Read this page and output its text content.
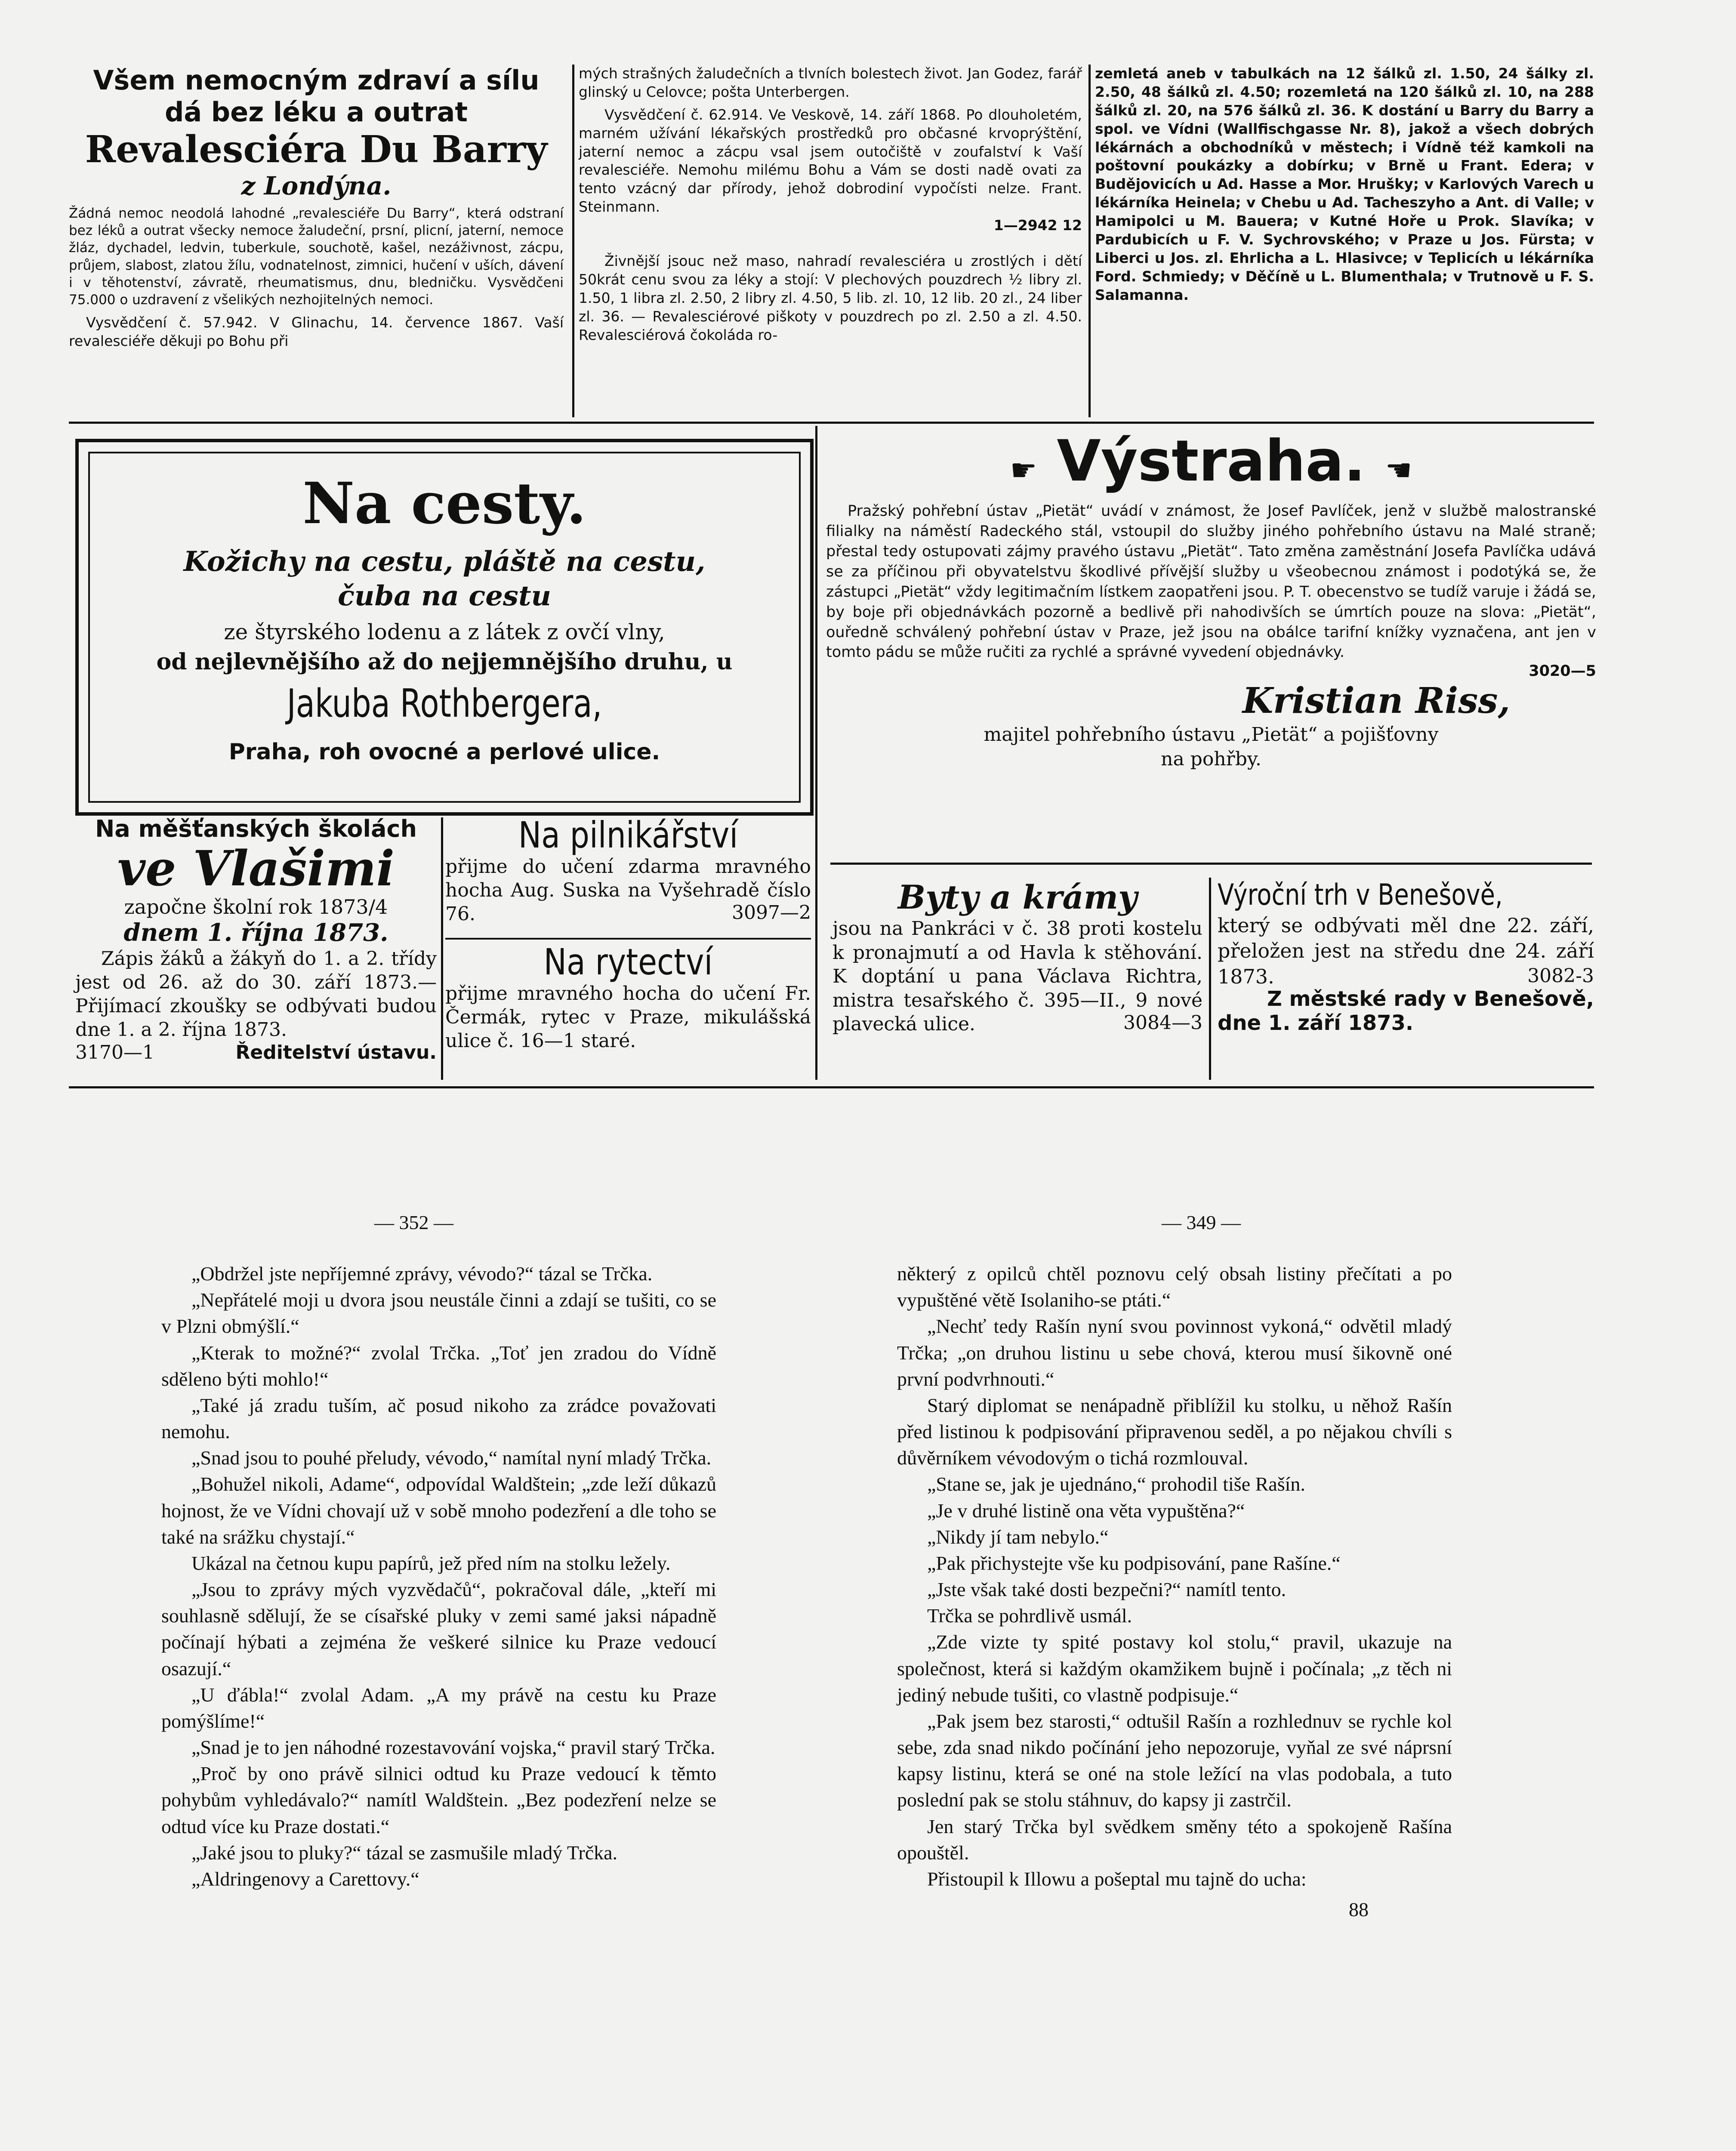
Všem nemocným zdraví a sílu
dá bez léku a outrat
Revalesciéra Du Barry
z Londýna.
Žádná nemoc neodolá lahodné „revalesciéře Du Barry“, která odstraní bez léků a outrat všecky nemoce žaludeční, prsní, plicní, jaterní, nemoce žláz, dychadel, ledvin, tuberkule, souchotě, kašel, nezáživnost, zácpu, průjem, slabost, zlatou žílu, vodnatelnost, zimnici, hučení v uších, dávení i v těhotenství, závratě, rheumatismus, dnu, bledničku. Vysvědčeni 75.000 o uzdravení z všelikých nezhojitelných nemoci.
Vysvědčení č. 57.942. V Glinachu, 14. července 1867. Vaší revalesciéře děkuji po Bohu při

mých strašných žaludečních a tlvních bolestech život. Jan Godez, farář glinský u Celovce; pošta Unterbergen.

Vysvědčení č. 62.914. Ve Veskově, 14. září 1868. Po dlouholetém, marném užívání lékařských prostředků pro občasné krvoprýštění, jaterní nemoc a zácpu vsal jsem outočiště v zoufalství k Vaší revalesciéře. Nemohu milému Bohu a Vám se dosti nadě ovati za tento vzácný dar přírody, jehož dobrodiní vypočísti nelze. Frant. Steinmann.

1—2942 12

Živnější jsouc než maso, nahradí revalesciéra u zrostlých i dětí 50krát cenu svou za léky a stojí: V plechových pouzdrech ½ libry zl. 1.50, 1 libra zl. 2.50, 2 libry zl. 4.50, 5 lib. zl. 10, 12 lib. 20 zl., 24 liber zl. 36. — Revalesciérové piškoty v pouzdrech po zl. 2.50 a zl. 4.50. Revalesciérová čokoláda ro-

zemletá aneb v tabulkách na 12 šálků zl. 1.50, 24 šálky zl. 2.50, 48 šálků zl. 4.50; rozemletá na 120 šálků zl. 10, na 288 šálků zl. 20, na 576 šálků zl. 36. K dostání u Barry du Barry a spol. ve Vídni (Wallfischgasse Nr. 8), jakož a všech dobrých lékárnách a obchodníků v městech; i Vídně též kamkoli na poštovní poukázky a dobírku; v Brně u Frant. Edera; v Budějovicích u Ad. Hasse a Mor. Hrušky; v Karlových Varech u lékárníka Heinela; v Chebu u Ad. Tacheszyho a Ant. di Valle; v Hamipolci u M. Bauera; v Kutné Hoře u Prok. Slavíka; v Pardubicích u F. V. Sychrovského; v Praze u Jos. Fürsta; v Liberci u Jos. zl. Ehrlicha a L. Hlasivce; v Teplicích u lékárníka Ford. Schmiedy; v Děčíně u L. Blumenthala; v Trutnově u F. S. Salamanna.
Na cesty.
Kožichy na cestu, pláště na cestu,
čuba na cestu
ze štyrského lodenu a z látek z ovčí vlny,
od nejlevnějšího až do nejjemnějšího druhu, u
Jakuba Rothbergera,
Praha, roh ovocné a perlové ulice.
☛ Výstraha. ☚
Pražský pohřební ústav „Pietät“ uvádí v známost, že Josef Pavlíček, jenž v službě malostranské filialky na náměstí Radeckého stál, vstoupil do služby jiného pohřebního ústavu na Malé straně; přestal tedy ostupovati zájmy pravého ústavu „Pietät“. Tato změna zaměstnání Josefa Pavlíčka udává se za příčinou při obyvatelstvu škodlivé přívější služby u všeobecnou známost i podotýká se, že zástupci „Pietät“ vždy legitimačním lístkem zaopatřeni jsou. P. T. obecenstvo se tudíž varuje i žádá se, by boje při objednávkách pozorně a bedlivě při nahodivších se úmrtích pouze na slova: „Pietät“, ouředně schválený pohřební ústav v Praze, jež jsou na obálce tarifní knížky vyznačena, ant jen v tomto pádu se může ručiti za rychlé a správné vyvedení objednávky.
3020—5
Kristian Riss,
majitel pohřebního ústavu „Pietät“ a pojišťovny
na pohřby.
Na měšťanských školách
ve Vlašimi
započne školní rok 1873/4
dnem 1. října 1873.
Zápis žáků a žákyň do 1. a 2. třídy jest od 26. až do 30. září 1873.—Přijímací zkoušky se odbývati budou dne 1. a 2. října 1873.
3170—1	Ředitelství ústavu.
Na pilnikářství
přijme do učení zdarma mravného hocha Aug. Suska na Vyšehradě číslo 76.	3097—2
Na rytectví
přijme mravného hocha do učení Fr. Čermák, rytec v Praze, mikulášská ulice č. 16—1 staré.
Byty a krámy
jsou na Pankráci v č. 38 proti kostelu k pronajmutí a od Havla k stěhování. K doptání u pana Václava Richtra, mistra tesařského č. 395—II., 9 nové plavecká ulice.	3084—3
Výroční trh v Benešově,
který se odbývati měl dne 22. září, přeložen jest na středu dne 24. září 1873.	3082-3
Z městské rady v Benešově,
dne 1. září 1873.
— 352 —	— 349 —

„Obdržel jste nepříjemné zprávy, vévodo?“ tázal se Trčka.

„Nepřátelé moji u dvora jsou neustále činni a zdají se tušiti, co se v Plzni obmýšlí.“

„Kterak to možné?“ zvolal Trčka. „Toť jen zradou do Vídně sděleno býti mohlo!“

„Také já zradu tuším, ač posud nikoho za zrádce považovati nemohu.

„Snad jsou to pouhé přeludy, vévodo,“ namítal nyní mladý Trčka.

„Bohužel nikoli, Adame“, odpovídal Waldštein; „zde leží důkazů hojnost, že ve Vídni chovají už v sobě mnoho podezření a dle toho se také na srážku chystají.“

Ukázal na četnou kupu papírů, jež před ním na stolku ležely.

„Jsou to zprávy mých vyzvědačů“, pokračoval dále, „kteří mi souhlasně sdělují, že se císařské pluky v zemi samé jaksi nápadně počínají hýbati a zejména že veškeré silnice ku Praze vedoucí osazují.“

„U ďábla!“ zvolal Adam. „A my právě na cestu ku Praze pomýšlíme!“

„Snad je to jen náhodné rozestavování vojska,“ pravil starý Trčka.

„Proč by ono právě silnici odtud ku Praze vedoucí k těmto pohybům vyhledávalo?“ namítl Waldštein. „Bez podezření nelze se odtud více ku Praze dostati.“

„Jaké jsou to pluky?“ tázal se zasmušile mladý Trčka.

„Aldringenovy a Carettovy.“

některý z opilců chtěl poznovu celý obsah listiny přečítati a po vypuštěné větě Isolaniho-se ptáti.“

„Nechť tedy Rašín nyní svou povinnost vykoná,“ odvětil mladý Trčka; „on druhou listinu u sebe chová, kterou musí šikovně oné první podvrhnouti.“

Starý diplomat se nenápadně přiblížil ku stolku, u něhož Rašín před listinou k podpisování připravenou seděl, a po nějakou chvíli s důvěrníkem vévodovým o tichá rozmlouval.

„Stane se, jak je ujednáno,“ prohodil tiše Rašín.

„Je v druhé listině ona věta vypuštěna?“

„Nikdy jí tam nebylo.“

„Pak přichystejte vše ku podpisování, pane Rašíne.“

„Jste však také dosti bezpečni?“ namítl tento.

Trčka se pohrdlivě usmál.

„Zde vizte ty spité postavy kol stolu,“ pravil, ukazuje na společnost, která si každým okamžikem bujně i počínala; „z těch ni jediný nebude tušiti, co vlastně podpisuje.“

„Pak jsem bez starosti,“ odtušil Rašín a rozhlednuv se rychle kol sebe, zda snad nikdo počínání jeho nepozoruje, vyňal ze své náprsní kapsy listinu, která se oné na stole ležící na vlas podobala, a tuto poslední pak se stolu stáhnuv, do kapsy ji zastrčil.

Jen starý Trčka byl svědkem směny této a spokojeně Rašína opouštěl.

Přistoupil k Illowu a pošeptal mu tajně do ucha:

88
